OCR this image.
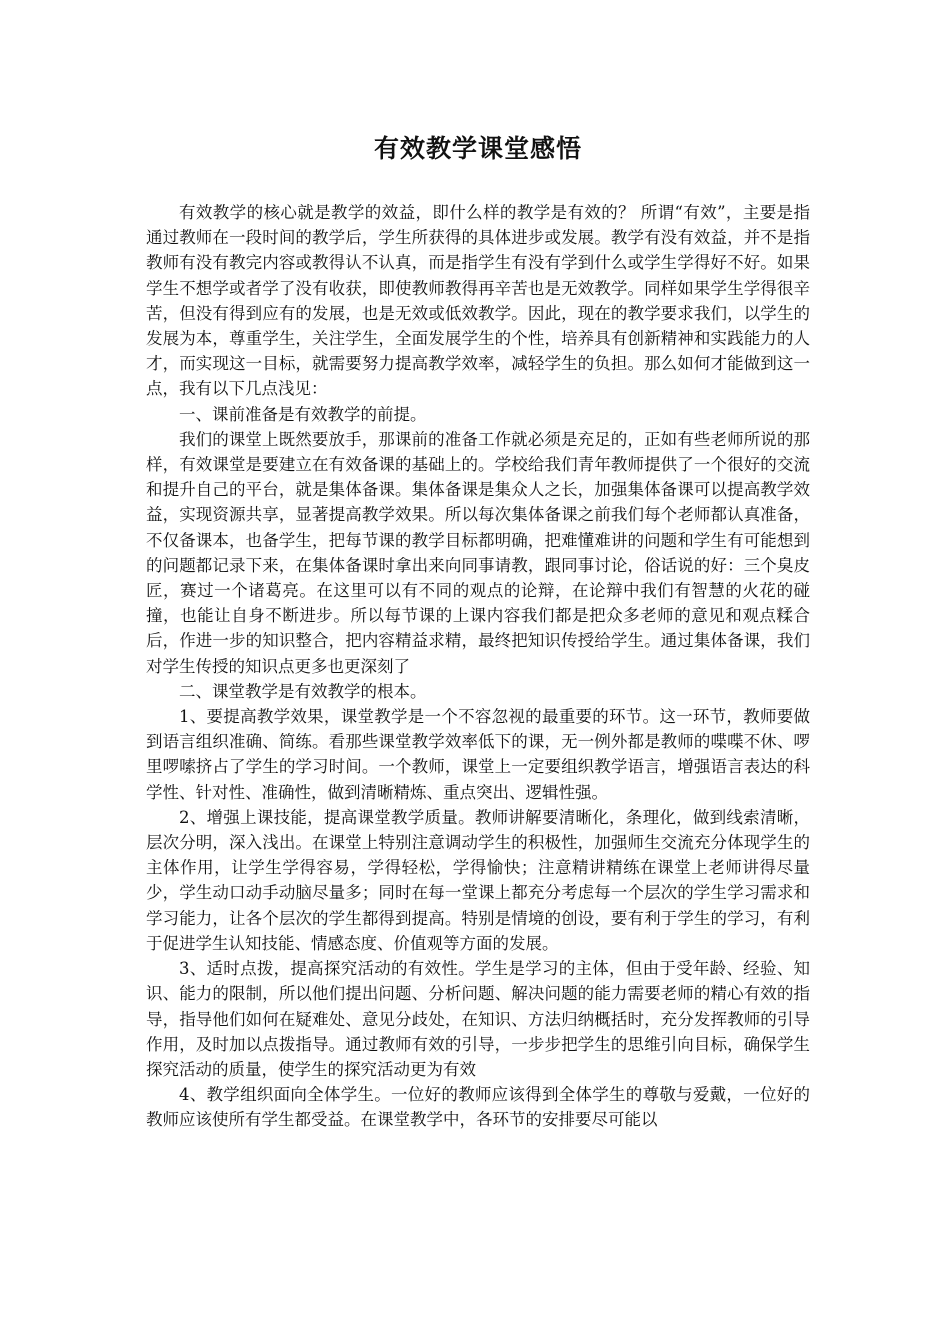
有效教学课堂感悟

有效教学的核心就是教学的效益，即什么样的教学是有效的？ 所谓“有效”，主要是指通过教师在一段时间的教学后，学生所获得的具体进步或发展。教学有没有效益，并不是指教师有没有教完内容或教得认不认真，而是指学生有没有学到什么或学生学得好不好。如果学生不想学或者学了没有收获，即使教师教得再辛苦也是无效教学。同样如果学生学得很辛苦，但没有得到应有的发展，也是无效或低效教学。因此，现在的教学要求我们，以学生的发展为本，尊重学生，关注学生，全面发展学生的个性，培养具有创新精神和实践能力的人才，而实现这一目标，就需要努力提高教学效率，减轻学生的负担。那么如何才能做到这一点，我有以下几点浅见：

一、课前准备是有效教学的前提。

我们的课堂上既然要放手，那课前的准备工作就必须是充足的，正如有些老师所说的那样，有效课堂是要建立在有效备课的基础上的。学校给我们青年教师提供了一个很好的交流和提升自己的平台，就是集体备课。集体备课是集众人之长，加强集体备课可以提高教学效益，实现资源共享，显著提高教学效果。所以每次集体备课之前我们每个老师都认真准备，不仅备课本，也备学生，把每节课的教学目标都明确，把难懂难讲的问题和学生有可能想到的问题都记录下来，在集体备课时拿出来向同事请教，跟同事讨论，俗话说的好：三个臭皮匠，赛过一个诸葛亮。在这里可以有不同的观点的论辩，在论辩中我们有智慧的火花的碰撞，也能让自身不断进步。所以每节课的上课内容我们都是把众多老师的意见和观点糅合后，作进一步的知识整合，把内容精益求精，最终把知识传授给学生。通过集体备课，我们对学生传授的知识点更多也更深刻了

二、课堂教学是有效教学的根本。

1、要提高教学效果，课堂教学是一个不容忽视的最重要的环节。这一环节，教师要做到语言组织准确、简练。看那些课堂教学效率低下的课，无一例外都是教师的喋喋不休、啰里啰嗦挤占了学生的学习时间。一个教师，课堂上一定要组织教学语言，增强语言表达的科学性、针对性、准确性，做到清晰精炼、重点突出、逻辑性强。

2、增强上课技能，提高课堂教学质量。教师讲解要清晰化，条理化，做到线索清晰，层次分明，深入浅出。在课堂上特别注意调动学生的积极性，加强师生交流充分体现学生的主体作用，让学生学得容易，学得轻松，学得愉快；注意精讲精练在课堂上老师讲得尽量少，学生动口动手动脑尽量多；同时在每一堂课上都充分考虑每一个层次的学生学习需求和学习能力，让各个层次的学生都得到提高。特别是情境的创设，要有利于学生的学习，有利于促进学生认知技能、情感态度、价值观等方面的发展。

3、适时点拨，提高探究活动的有效性。学生是学习的主体，但由于受年龄、经验、知识、能力的限制，所以他们提出问题、分析问题、解决问题的能力需要老师的精心有效的指导，指导他们如何在疑难处、意见分歧处，在知识、方法归纳概括时，充分发挥教师的引导作用，及时加以点拨指导。通过教师有效的引导，一步步把学生的思维引向目标，确保学生探究活动的质量，使学生的探究活动更为有效

4、教学组织面向全体学生。一位好的教师应该得到全体学生的尊敬与爱戴，一位好的教师应该使所有学生都受益。在课堂教学中，各环节的安排要尽可能以
